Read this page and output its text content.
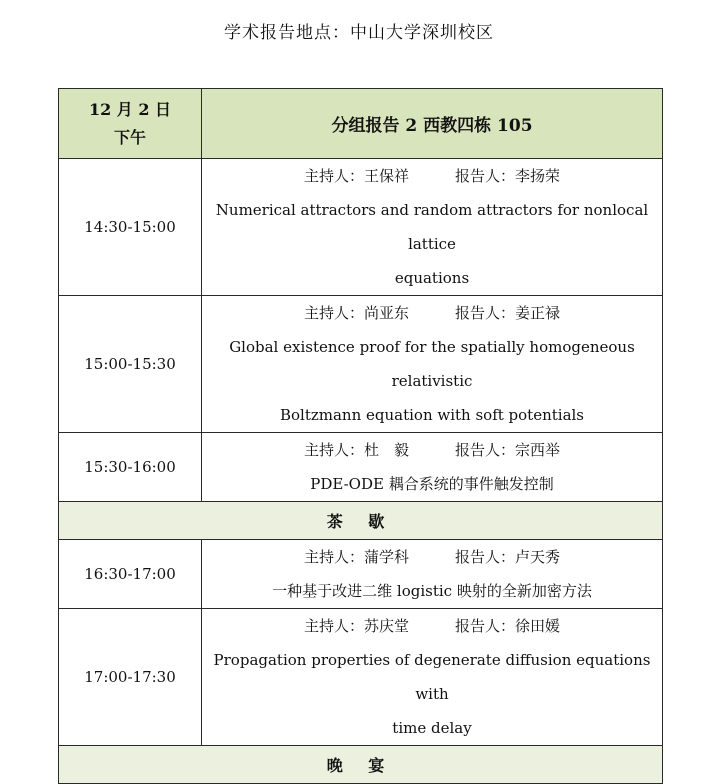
学术报告地点：中山大学深圳校区
12 月 2 日
下午	分组报告 2 西教四栋 105
14:30-15:00	主持人：王保祥 报告人：李扬荣
Numerical attractors and random attractors for nonlocal lattice
equations

15:00-15:30	主持人：尚亚东 报告人：姜正禄
Global existence proof for the spatially homogeneous relativistic
Boltzmann equation with soft potentials

15:30-16:00	主持人：杜　毅 报告人：宗西举
PDE-ODE 耦合系统的事件触发控制

茶 歇	
16:30-17:00	主持人：蒲学科 报告人：卢天秀
一种基于改进二维 logistic 映射的全新加密方法

17:00-17:30	主持人：苏庆堂 报告人：徐田媛
Propagation properties of degenerate diffusion equations with
time delay

晚 宴	
